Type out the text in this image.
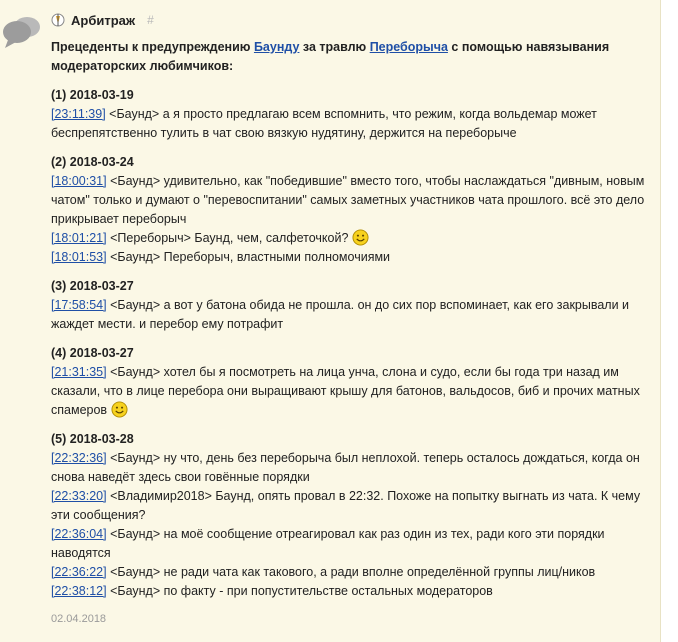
Арбитраж #
Прецеденты к предупреждению Баунду за травлю Переборыча с помощью навязывания модераторских любимчиков:
(1) 2018-03-19
[23:11:39] <Баунд> а я просто предлагаю всем вспомнить, что режим, когда вольдемар может беспрепятственно тулить в чат свою вязкую нудятину, держится на переборыче
(2) 2018-03-24
[18:00:31] <Баунд> удивительно, как "победившие" вместо того, чтобы наслаждаться "дивным, новым чатом" только и думают о "перевоспитании" самых заметных участников чата прошлого. всё это дело прикрывает переборыч
[18:01:21] <Переборыч> Баунд, чем, салфеточкой?
[18:01:53] <Баунд> Переборыч, властными полномочиями
(3) 2018-03-27
[17:58:54] <Баунд> а вот у батона обида не прошла. он до сих пор вспоминает, как его закрывали и жаждет мести. и перебор ему потрафит
(4) 2018-03-27
[21:31:35] <Баунд> хотел бы я посмотреть на лица унча, слона и судо, если бы года три назад им сказали, что в лице перебора они выращивают крышу для батонов, вальдосов, биб и прочих матных спамеров
(5) 2018-03-28
[22:32:36] <Баунд> ну что, день без переборыча был неплохой. теперь осталось дождаться, когда он снова наведёт здесь свои говённые порядки
[22:33:20] <Владимир2018> Баунд, опять провал в 22:32. Похоже на попытку выгнать из чата. К чему эти сообщения?
[22:36:04] <Баунд> на моё сообщение отреагировал как раз один из тех, ради кого эти порядки наводятся
[22:36:22] <Баунд> не ради чата как такового, а ради вполне определённой группы лиц/ников
[22:38:12] <Баунд> по факту - при попустительстве остальных модераторов
02.04.2018
